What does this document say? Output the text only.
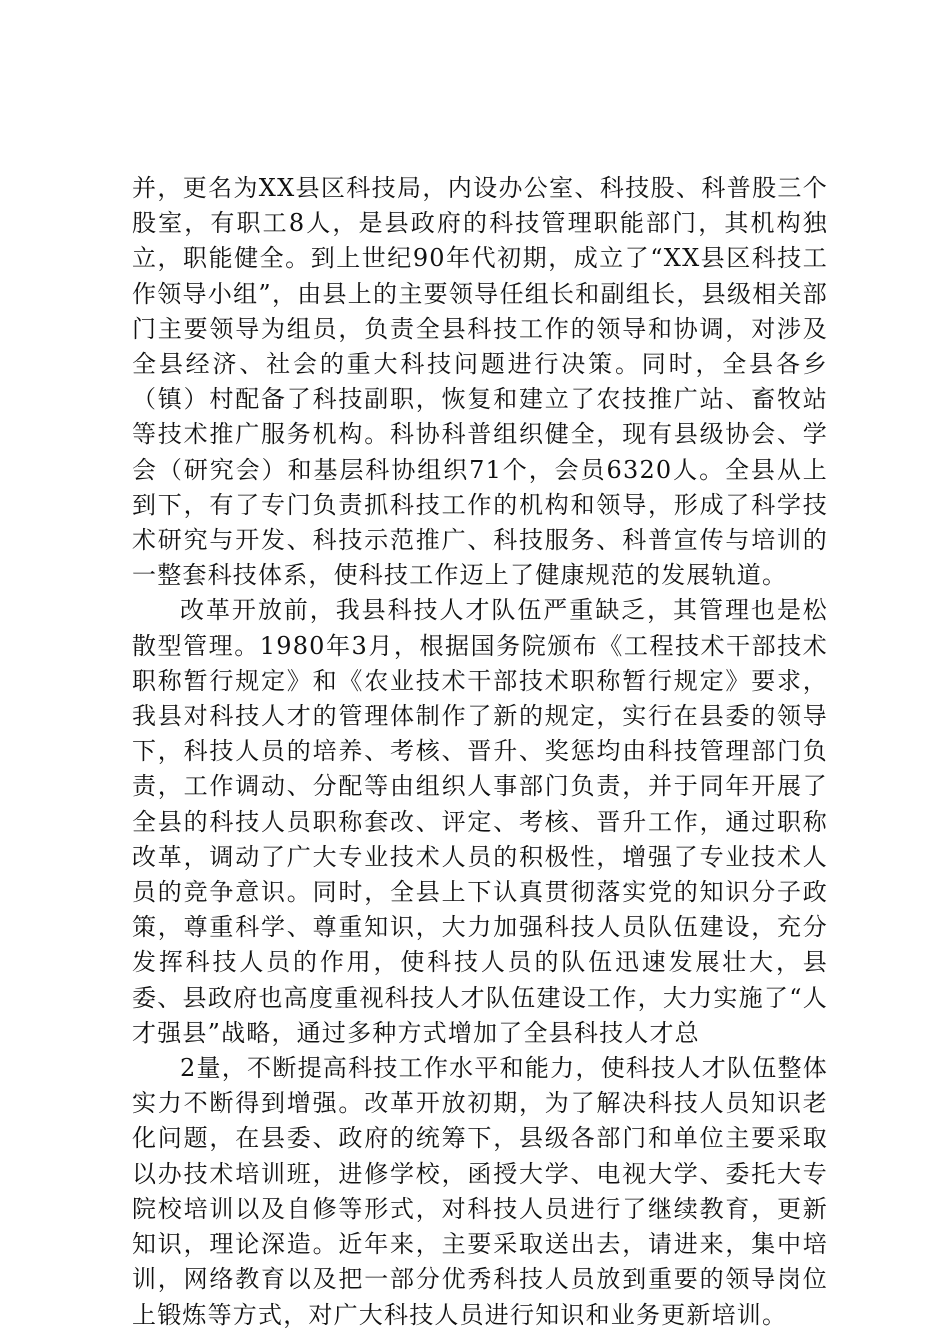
并，更名为XX县区科技局，内设办公室、科技股、科普股三个股室，有职工8人，是县政府的科技管理职能部门，其机构独立，职能健全。到上世纪90年代初期，成立了“XX县区科技工作领导小组”，由县上的主要领导任组长和副组长，县级相关部门主要领导为组员，负责全县科技工作的领导和协调，对涉及全县经济、社会的重大科技问题进行决策。同时，全县各乡（镇）村配备了科技副职，恢复和建立了农技推广站、畜牧站等技术推广服务机构。科协科普组织健全，现有县级协会、学会（研究会）和基层科协组织71个，会员6320人。全县从上到下，有了专门负责抓科技工作的机构和领导，形成了科学技术研究与开发、科技示范推广、科技服务、科普宣传与培训的一整套科技体系，使科技工作迈上了健康规范的发展轨道。

改革开放前，我县科技人才队伍严重缺乏，其管理也是松散型管理。1980年3月，根据国务院颁布《工程技术干部技术职称暂行规定》和《农业技术干部技术职称暂行规定》要求，我县对科技人才的管理体制作了新的规定，实行在县委的领导下，科技人员的培养、考核、晋升、奖惩均由科技管理部门负责，工作调动、分配等由组织人事部门负责，并于同年开展了全县的科技人员职称套改、评定、考核、晋升工作，通过职称改革，调动了广大专业技术人员的积极性，增强了专业技术人员的竞争意识。同时，全县上下认真贯彻落实党的知识分子政策，尊重科学、尊重知识，大力加强科技人员队伍建设，充分发挥科技人员的作用，使科技人员的队伍迅速发展壮大，县委、县政府也高度重视科技人才队伍建设工作，大力实施了“人才强县”战略，通过多种方式增加了全县科技人才总

2量，不断提高科技工作水平和能力，使科技人才队伍整体实力不断得到增强。改革开放初期，为了解决科技人员知识老化问题，在县委、政府的统筹下，县级各部门和单位主要采取以办技术培训班，进修学校，函授大学、电视大学、委托大专院校培训以及自修等形式，对科技人员进行了继续教育，更新知识，理论深造。近年来，主要采取送出去，请进来，集中培训，网络教育以及把一部分优秀科技人员放到重要的领导岗位上锻炼等方式，对广大科技人员进行知识和业务更新培训。
